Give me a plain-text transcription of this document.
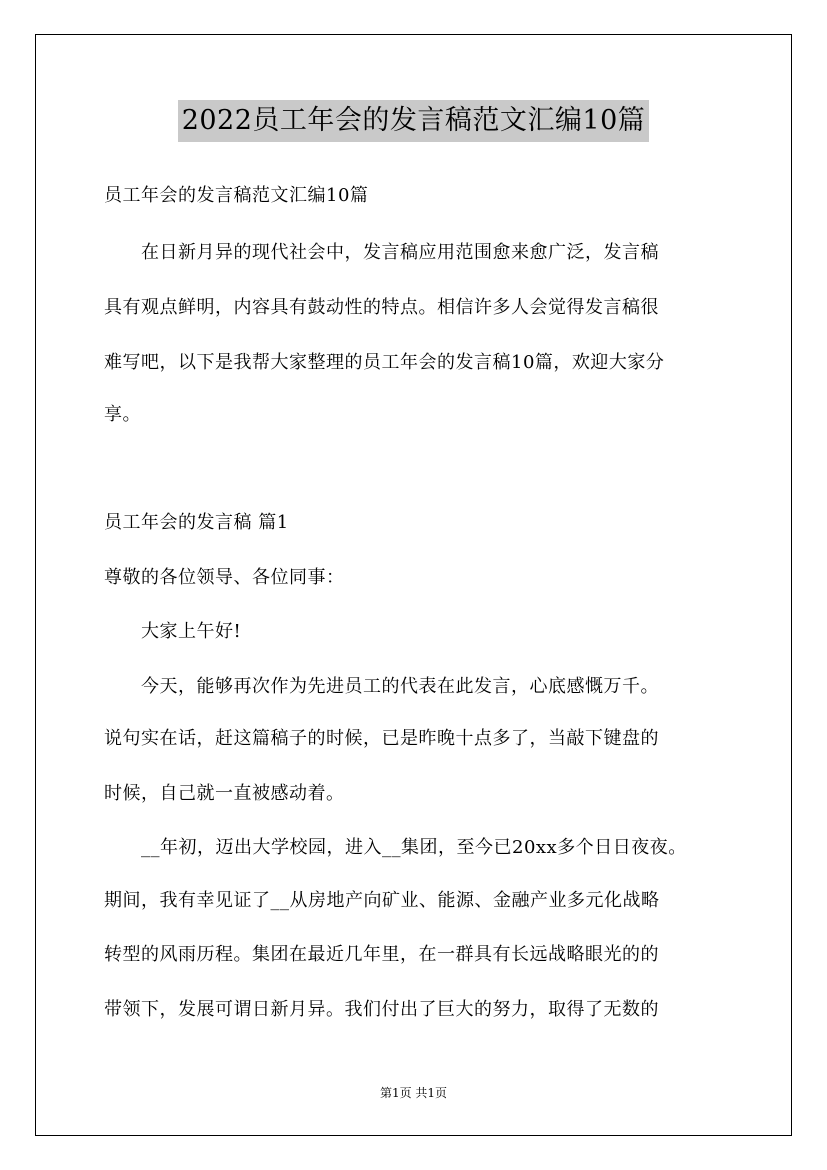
2022员工年会的发言稿范文汇编10篇
员工年会的发言稿范文汇编10篇
在日新月异的现代社会中，发言稿应用范围愈来愈广泛，发言稿
具有观点鲜明，内容具有鼓动性的特点。相信许多人会觉得发言稿很
难写吧，以下是我帮大家整理的员工年会的发言稿10篇，欢迎大家分
享。
员工年会的发言稿 篇1
尊敬的各位领导、各位同事：
大家上午好!
今天，能够再次作为先进员工的代表在此发言，心底感慨万千。
说句实在话，赶这篇稿子的时候，已是昨晚十点多了，当敲下键盘的
时候，自己就一直被感动着。
__年初，迈出大学校园，进入__集团，至今已20xx多个日日夜夜。
期间，我有幸见证了__从房地产向矿业、能源、金融产业多元化战略
转型的风雨历程。集团在最近几年里，在一群具有长远战略眼光的的
带领下，发展可谓日新月异。我们付出了巨大的努力，取得了无数的
第1页 共1页
